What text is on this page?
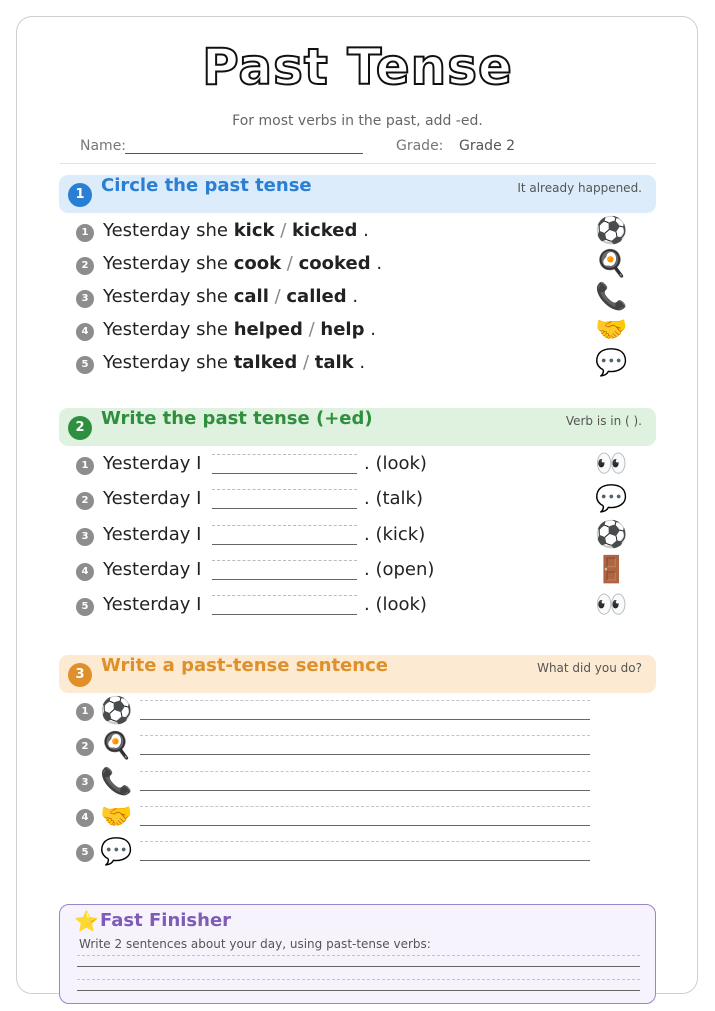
Past Tense
For most verbs in the past, add -ed.
Name:	Grade: Grade 2
1 Circle the past tense	It already happened.
1 Yesterday she kick / kicked .	⚽
2 Yesterday she cook / cooked .	🍳
3 Yesterday she call / called .	📞
4 Yesterday she helped / help .	🤝
5 Yesterday she talked / talk .	💬
2 Write the past tense (+ed)	Verb is in ( ).
1 Yesterday I	. (look)	👀
2 Yesterday I	. (talk)	💬
3 Yesterday I	. (kick)	⚽
4 Yesterday I	. (open)	🚪
5 Yesterday I	. (look)	👀
3 Write a past-tense sentence	What did you do?
1 ⚽
2 🍳
3 📞
4 🤝
5 💬
⭐ Fast Finisher
Write 2 sentences about your day, using past-tense verbs:
